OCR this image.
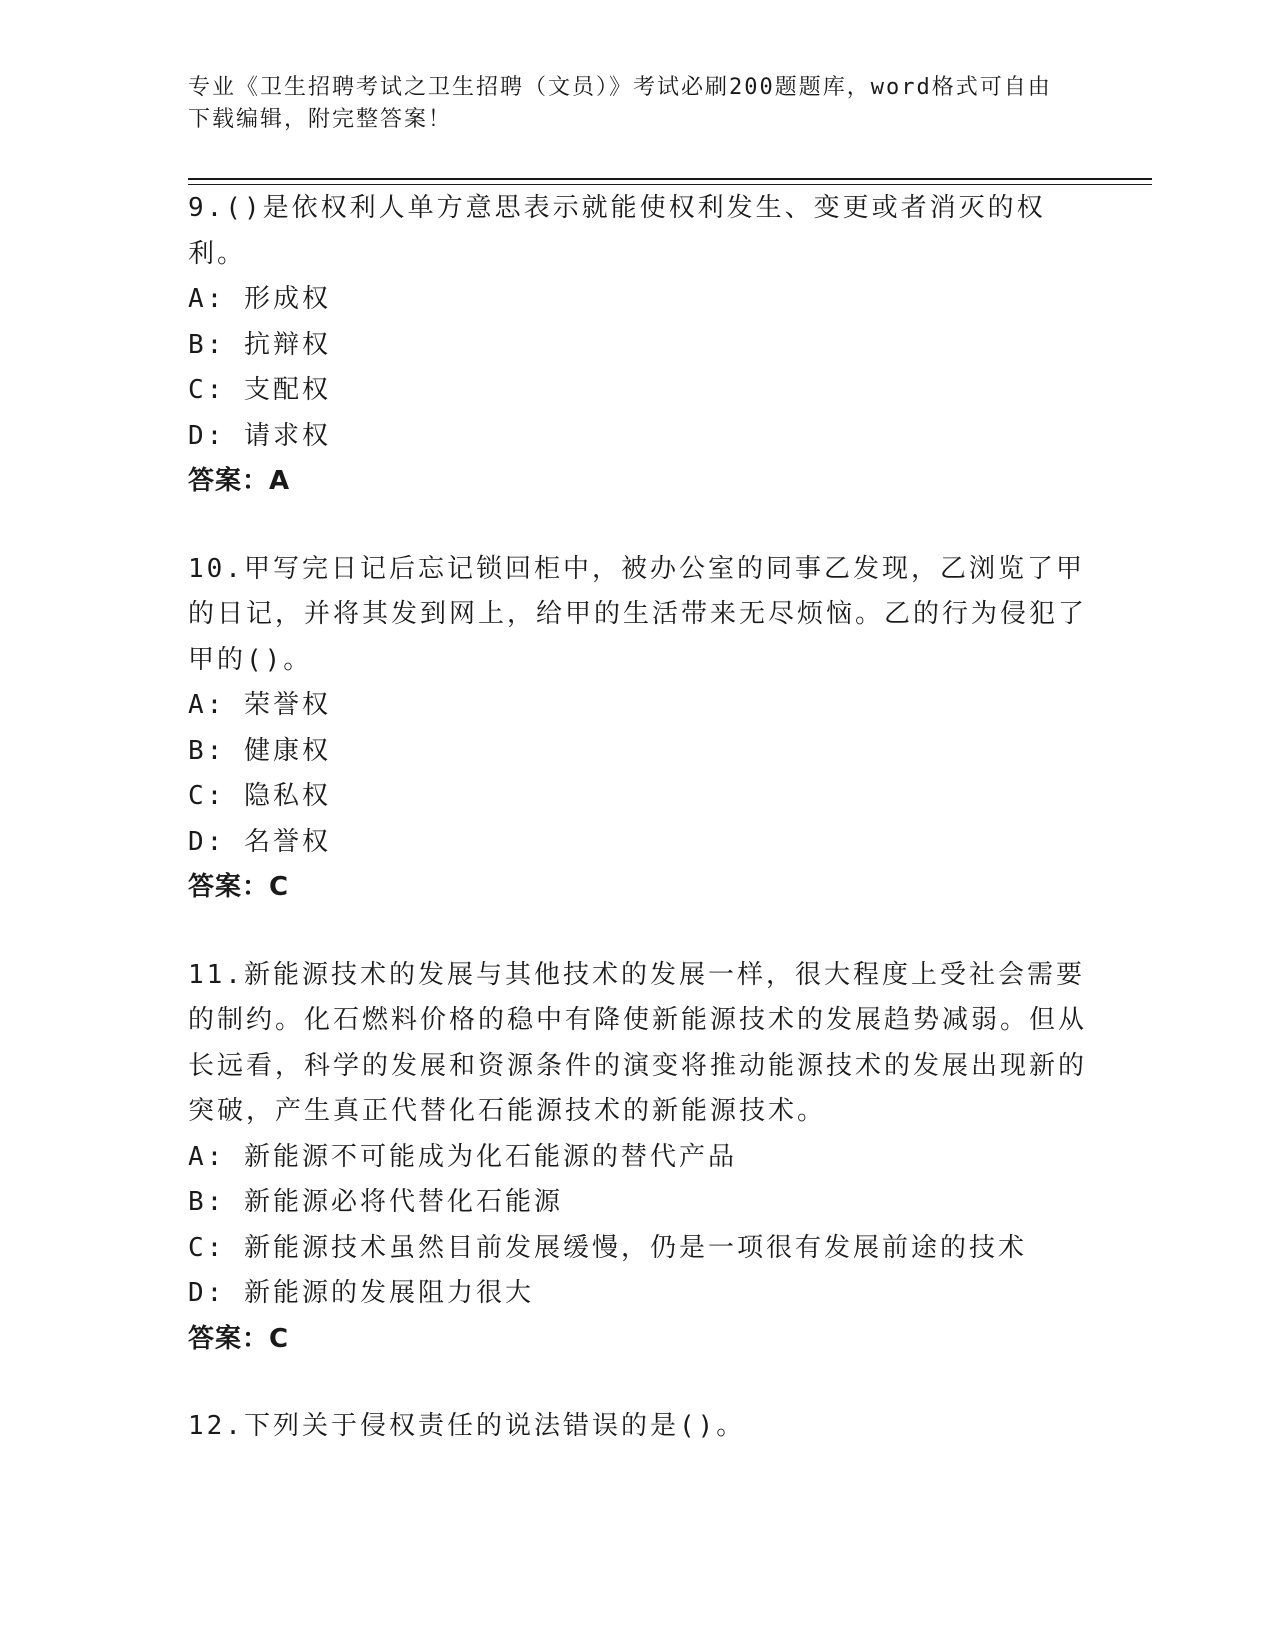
专业《卫生招聘考试之卫生招聘（文员）》考试必刷200题题库，word格式可自由下载编辑，附完整答案！
9.()是依权利人单方意思表示就能使权利发生、变更或者消灭的权利。
A: 形成权
B: 抗辩权
C: 支配权
D: 请求权
答案：A
10.甲写完日记后忘记锁回柜中，被办公室的同事乙发现，乙浏览了甲的日记，并将其发到网上，给甲的生活带来无尽烦恼。乙的行为侵犯了甲的()。
A: 荣誉权
B: 健康权
C: 隐私权
D: 名誉权
答案：C
11.新能源技术的发展与其他技术的发展一样，很大程度上受社会需要的制约。化石燃料价格的稳中有降使新能源技术的发展趋势减弱。但从长远看，科学的发展和资源条件的演变将推动能源技术的发展出现新的突破，产生真正代替化石能源技术的新能源技术。
A: 新能源不可能成为化石能源的替代产品
B: 新能源必将代替化石能源
C: 新能源技术虽然目前发展缓慢，仍是一项很有发展前途的技术
D: 新能源的发展阻力很大
答案：C
12.下列关于侵权责任的说法错误的是()。
